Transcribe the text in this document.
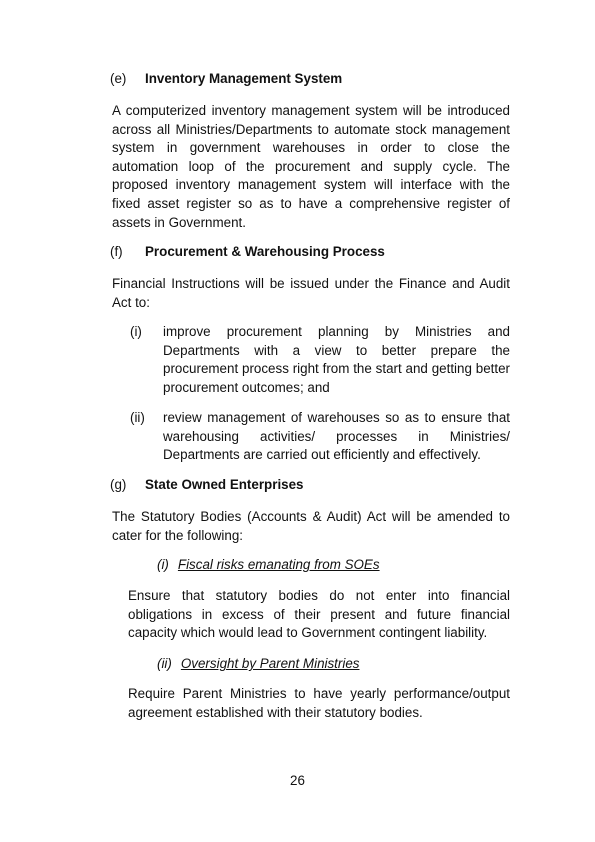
(e) Inventory Management System

A computerized inventory management system will be introduced across all Ministries/Departments to automate stock management system in government warehouses in order to close the automation loop of the procurement and supply cycle. The proposed inventory management system will interface with the fixed asset register so as to have a comprehensive register of assets in Government.

(f) Procurement & Warehousing Process

Financial Instructions will be issued under the Finance and Audit Act to:

(i) improve procurement planning by Ministries and Departments with a view to better prepare the procurement process right from the start and getting better procurement outcomes; and

(ii) review management of warehouses so as to ensure that warehousing activities/ processes in Ministries/ Departments are carried out efficiently and effectively.

(g) State Owned Enterprises

The Statutory Bodies (Accounts & Audit) Act will be amended to cater for the following:

(i) Fiscal risks emanating from SOEs

Ensure that statutory bodies do not enter into financial obligations in excess of their present and future financial capacity which would lead to Government contingent liability.

(ii) Oversight by Parent Ministries

Require Parent Ministries to have yearly performance/output agreement established with their statutory bodies.

26
